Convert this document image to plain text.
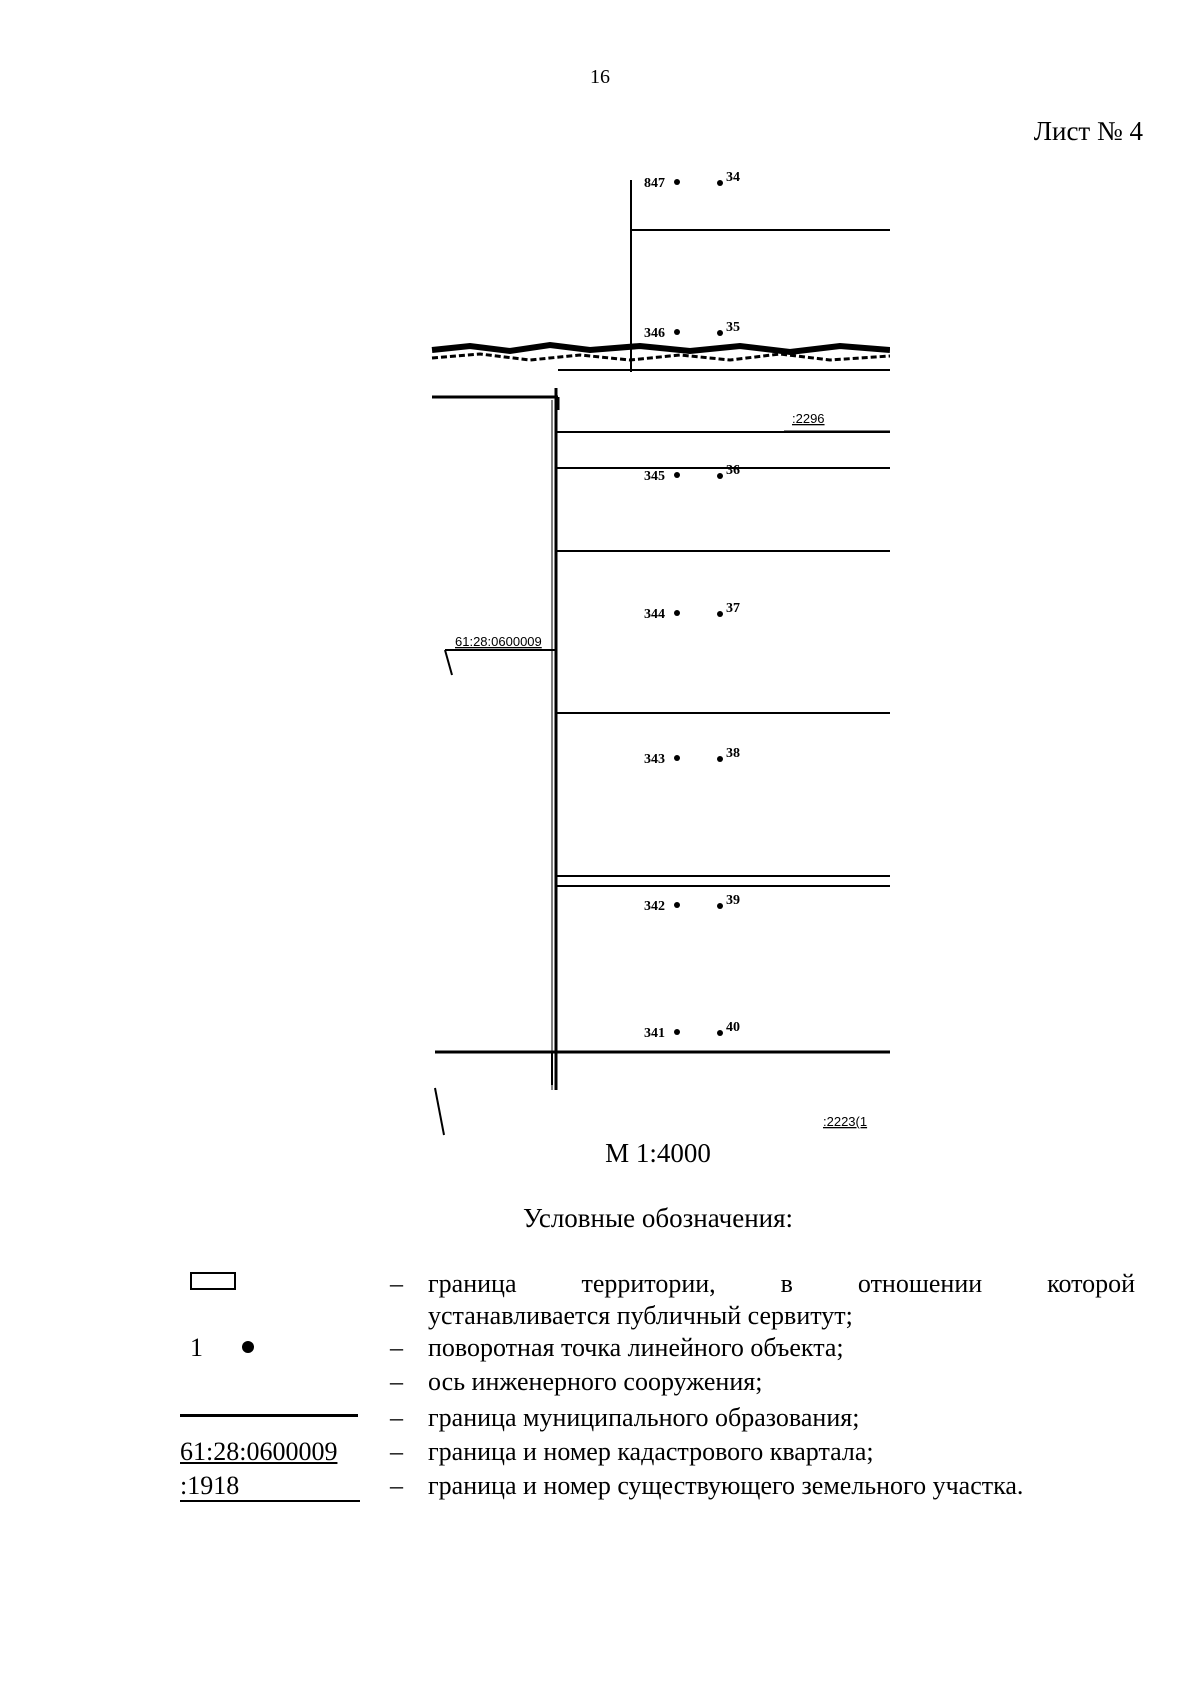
16
Лист № 4
847	34
346	35
345	36
344	37
343	38
342	39
341	40
:2296
:2223(1
61:28:0600009
М 1:4000
Условные обозначения:
– граница территории, в отношении которой
устанавливается публичный сервитут;
1	– поворотная точка линейного объекта;
– ось инженерного сооружения;
– граница муниципального образования;
61:28:0600009 – граница и номер кадастрового квартала;
:1918	– граница и номер существующего земельного участка.
